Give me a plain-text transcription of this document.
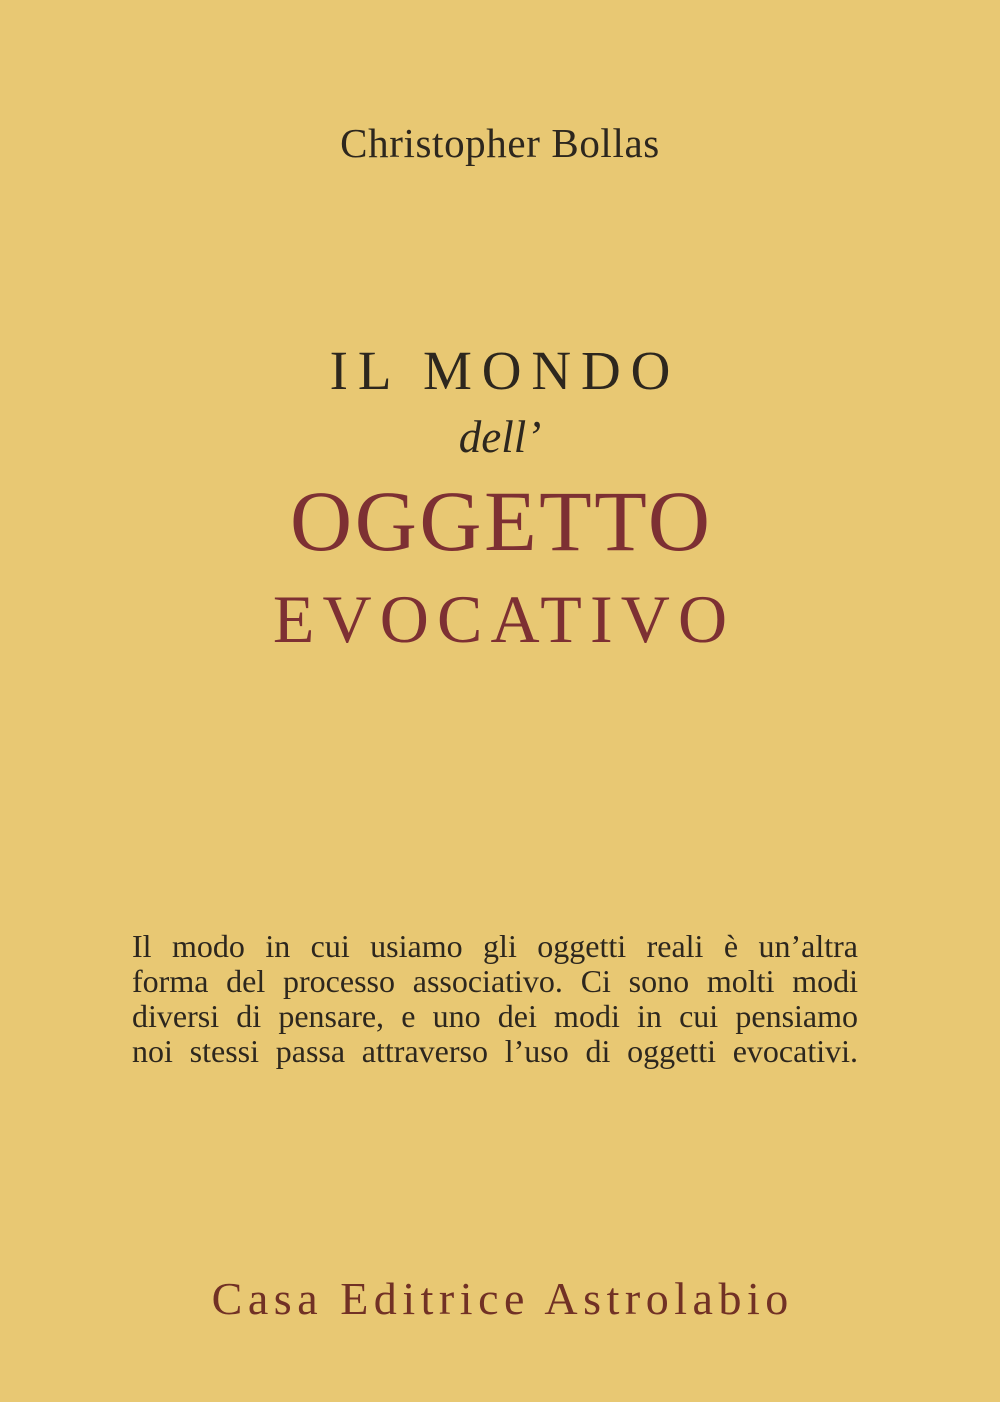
Christopher Bollas
IL MONDO
dell’
OGGETTO
EVOCATIVO
Il modo in cui usiamo gli oggetti reali è un’altra
forma del processo associativo. Ci sono molti modi
diversi di pensare, e uno dei modi in cui pensiamo
noi stessi passa attraverso l’uso di oggetti evocativi.
Casa Editrice Astrolabio
